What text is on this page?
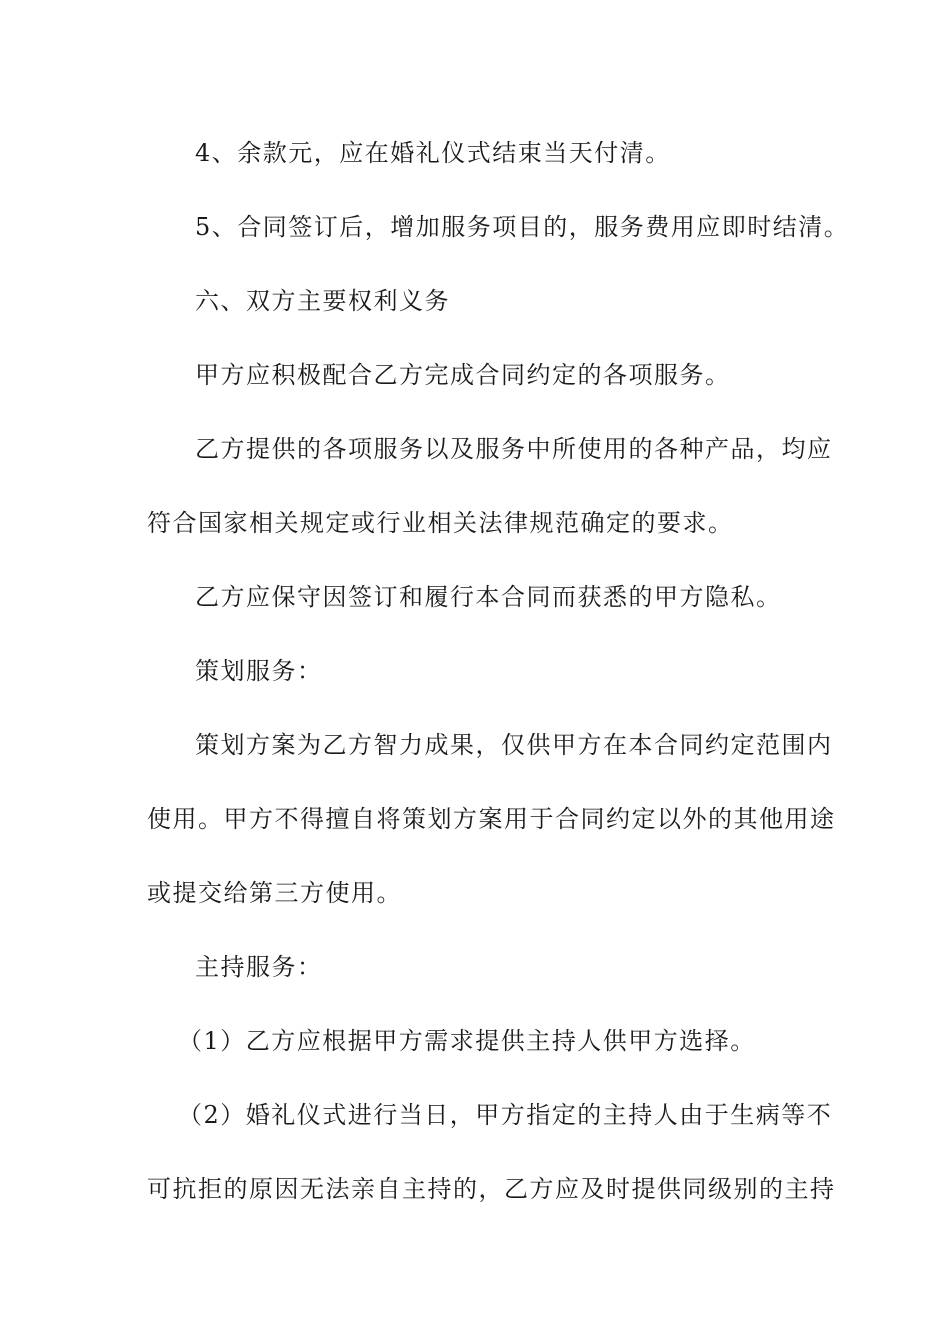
4、余款元，应在婚礼仪式结束当天付清。
5、合同签订后，增加服务项目的，服务费用应即时结清。
六、双方主要权利义务
甲方应积极配合乙方完成合同约定的各项服务。
乙方提供的各项服务以及服务中所使用的各种产品，均应
符合国家相关规定或行业相关法律规范确定的要求。
乙方应保守因签订和履行本合同而获悉的甲方隐私。
策划服务：
策划方案为乙方智力成果，仅供甲方在本合同约定范围内
使用。甲方不得擅自将策划方案用于合同约定以外的其他用途
或提交给第三方使用。
主持服务：
（1）乙方应根据甲方需求提供主持人供甲方选择。
（2）婚礼仪式进行当日，甲方指定的主持人由于生病等不
可抗拒的原因无法亲自主持的，乙方应及时提供同级别的主持
